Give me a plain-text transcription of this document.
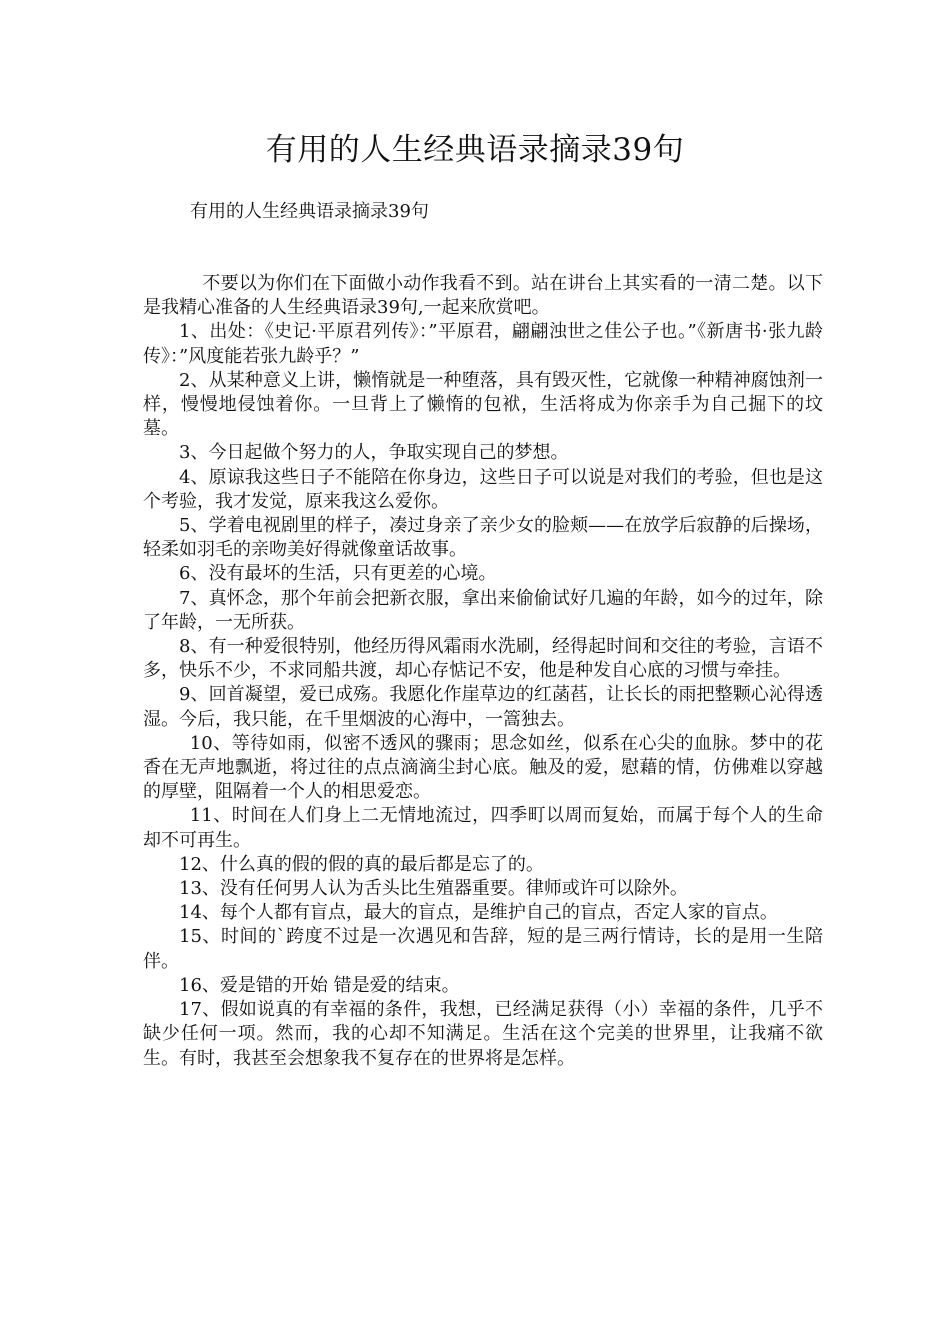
有用的人生经典语录摘录39句

有用的人生经典语录摘录39句

不要以为你们在下面做小动作我看不到。站在讲台上其实看的一清二楚。以下是我精心准备的人生经典语录39句,一起来欣赏吧。

1、出处：《史记·平原君列传》：”平原君，翩翩浊世之佳公子也。”《新唐书·张九龄传》：”风度能若张九龄乎？”

2、从某种意义上讲，懒惰就是一种堕落，具有毁灭性，它就像一种精神腐蚀剂一样，慢慢地侵蚀着你。一旦背上了懒惰的包袱，生活将成为你亲手为自己掘下的坟墓。

3、今日起做个努力的人，争取实现自己的梦想。

4、原谅我这些日子不能陪在你身边，这些日子可以说是对我们的考验，但也是这个考验，我才发觉，原来我这么爱你。

5、学着电视剧里的样子，凑过身亲了亲少女的脸颊——在放学后寂静的后操场，轻柔如羽毛的亲吻美好得就像童话故事。

6、没有最坏的生活，只有更差的心境。

7、真怀念，那个年前会把新衣服，拿出来偷偷试好几遍的年龄，如今的过年，除了年龄，一无所获。

8、有一种爱很特别，他经历得风霜雨水洗刷，经得起时间和交往的考验，言语不多，快乐不少，不求同船共渡，却心存惦记不安，他是种发自心底的习惯与牵挂。

9、回首凝望，爱已成殇。我愿化作崖草边的红菡萏，让长长的雨把整颗心沁得透湿。今后，我只能，在千里烟波的心海中，一篙独去。

10、等待如雨，似密不透风的骤雨；思念如丝，似系在心尖的血脉。梦中的花香在无声地飘逝，将过往的点点滴滴尘封心底。触及的爱，慰藉的情，仿佛难以穿越的厚壁，阻隔着一个人的相思爱恋。

11、时间在人们身上二无情地流过，四季町以周而复始，而属于每个人的生命却不可再生。

12、什么真的假的假的真的最后都是忘了的。

13、没有任何男人认为舌头比生殖器重要。律师或许可以除外。

14、每个人都有盲点，最大的盲点，是维护自己的盲点，否定人家的盲点。

15、时间的`跨度不过是一次遇见和告辞，短的是三两行情诗，长的是用一生陪伴。

16、爱是错的开始 错是爱的结束。

17、假如说真的有幸福的条件，我想，已经满足获得（小）幸福的条件，几乎不缺少任何一项。然而，我的心却不知满足。生活在这个完美的世界里，让我痛不欲生。有时，我甚至会想象我不复存在的世界将是怎样。
